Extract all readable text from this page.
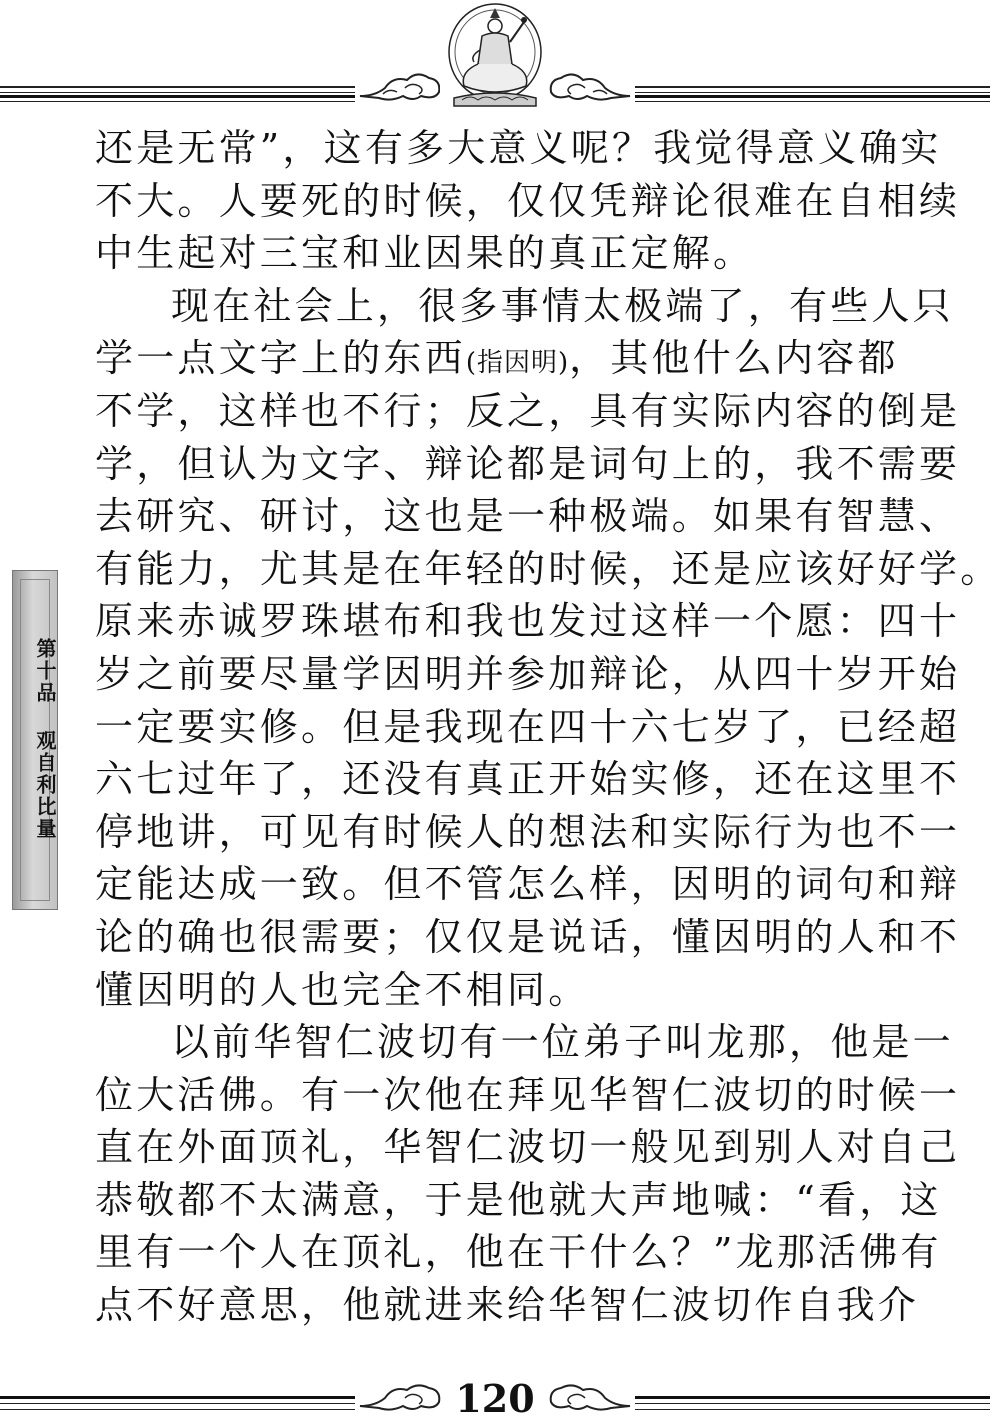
第十品 观自利比量
还是无常”，这有多大意义呢？我觉得意义确实
不大。人要死的时候，仅仅凭辩论很难在自相续
中生起对三宝和业因果的真正定解。
现在社会上，很多事情太极端了，有些人只
学一点文字上的东西(指因明)，其他什么内容都
不学，这样也不行；反之，具有实际内容的倒是
学，但认为文字、辩论都是词句上的，我不需要
去研究、研讨，这也是一种极端。如果有智慧、
有能力，尤其是在年轻的时候，还是应该好好学。
原来赤诚罗珠堪布和我也发过这样一个愿：四十
岁之前要尽量学因明并参加辩论，从四十岁开始
一定要实修。但是我现在四十六七岁了，已经超
六七过年了，还没有真正开始实修，还在这里不
停地讲，可见有时候人的想法和实际行为也不一
定能达成一致。但不管怎么样，因明的词句和辩
论的确也很需要；仅仅是说话，懂因明的人和不
懂因明的人也完全不相同。
以前华智仁波切有一位弟子叫龙那，他是一
位大活佛。有一次他在拜见华智仁波切的时候一
直在外面顶礼，华智仁波切一般见到别人对自己
恭敬都不太满意，于是他就大声地喊：“看，这
里有一个人在顶礼，他在干什么？”龙那活佛有
点不好意思，他就进来给华智仁波切作自我介
120
